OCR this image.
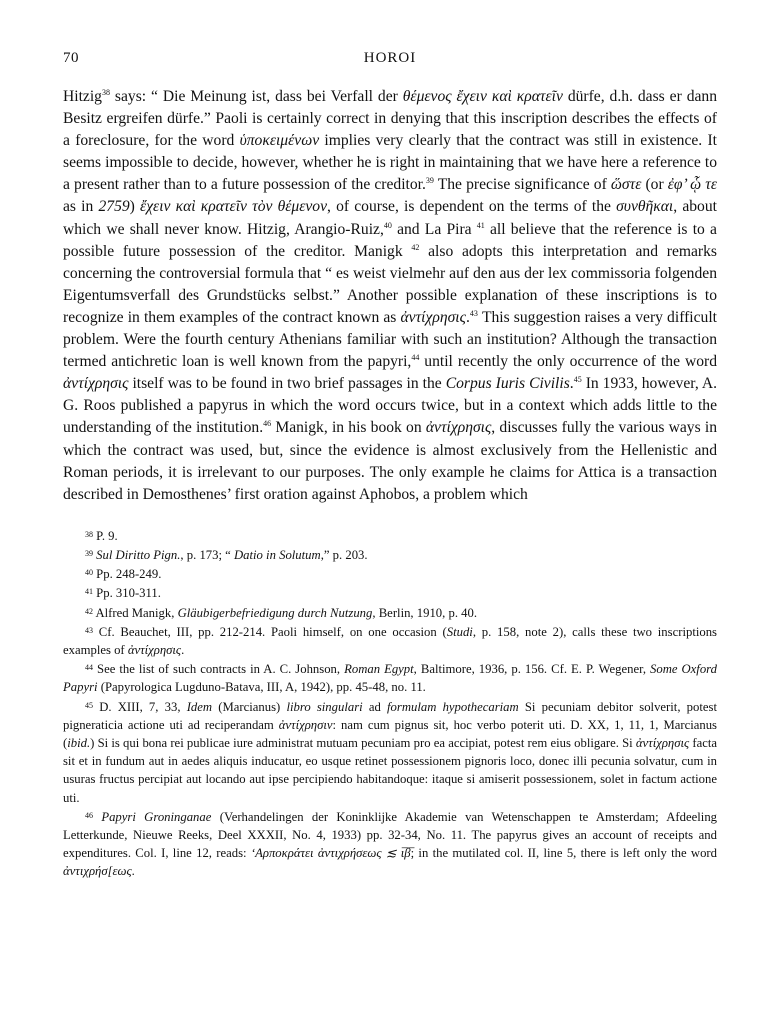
70	HOROI

Hitzig$^{38}$ says: “ Die Meinung ist, dass bei Verfall der θέμενος ἔχειν καὶ κρατεῖν dürfe, d.h. dass er dann Besitz ergreifen dürfe.” Paoli is certainly correct in denying that this inscription describes the effects of a foreclosure, for the word ὑποκειμένων implies very clearly that the contract was still in existence. It seems impossible to decide, however, whether he is right in maintaining that we have here a reference to a present rather than to a future possession of the creditor.$^{39}$ The precise significance of ὥστε (or ἐφ’ ᾧ τε as in 2759) ἔχειν καὶ κρατεῖν τὸν θέμενον, of course, is dependent on the terms of the συνθῆκαι, about which we shall never know. Hitzig, Arangio-Ruiz,$^{40}$ and La Pira $^{41}$ all believe that the reference is to a possible future possession of the creditor. Manigk $^{42}$ also adopts this interpretation and remarks concerning the controversial formula that “ es weist vielmehr auf den aus der lex commissoria folgenden Eigentumsverfall des Grundstücks selbst.” Another possible explanation of these inscriptions is to recognize in them examples of the contract known as ἀντίχρησις.$^{43}$ This suggestion raises a very difficult problem. Were the fourth century Athenians familiar with such an institution? Although the transaction termed antichretic loan is well known from the papyri,$^{44}$ until recently the only occurrence of the word ἀντίχρησις itself was to be found in two brief passages in the Corpus Iuris Civilis.$^{45}$ In 1933, however, A. G. Roos published a papyrus in which the word occurs twice, but in a context which adds little to the understanding of the institution.$^{46}$ Manigk, in his book on ἀντίχρησις, discusses fully the various ways in which the contract was used, but, since the evidence is almost exclusively from the Hellenistic and Roman periods, it is irrelevant to our purposes. The only example he claims for Attica is a transaction described in Demosthenes’ first oration against Aphobos, a problem which

$^{38}$ P. 9.

$^{39}$ Sul Diritto Pign., p. 173; “ Datio in Solutum,” p. 203.

$^{40}$ Pp. 248-249.

$^{41}$ Pp. 310-311.

$^{42}$ Alfred Manigk, Gläubigerbefriedigung durch Nutzung, Berlin, 1910, p. 40.

$^{43}$ Cf. Beauchet, III, pp. 212-214. Paoli himself, on one occasion (Studi, p. 158, note 2), calls these two inscriptions examples of ἀντίχρησις.

$^{44}$ See the list of such contracts in A. C. Johnson, Roman Egypt, Baltimore, 1936, p. 156. Cf. E. P. Wegener, Some Oxford Papyri (Papyrologica Lugduno-Batava, III, A, 1942), pp. 45-48, no. 11.

$^{45}$ D. XIII, 7, 33, Idem (Marcianus) libro singulari ad formulam hypothecariam Si pecuniam debitor solverit, potest pigneraticia actione uti ad reciperandam ἀντίχρησιν: nam cum pignus sit, hoc verbo poterit uti. D. XX, 1, 11, 1, Marcianus (ibid.) Si is qui bona rei publicae iure administrat mutuam pecuniam pro ea accipiat, potest rem eius obligare. Si ἀντίχρησις facta sit et in fundum aut in aedes aliquis inducatur, eo usque retinet possessionem pignoris loco, donec illi pecunia solvatur, cum in usuras fructus percipiat aut locando aut ipse percipiendo habitandoque: itaque si amiserit possessionem, solet in factum actione uti.

$^{46}$ Papyri Groninganae (Verhandelingen der Koninklijke Akademie van Wetenschappen te Amsterdam; Afdeeling Letterkunde, Nieuwe Reeks, Deel XXXII, No. 4, 1933) pp. 32-34, No. 11. The papyrus gives an account of receipts and expenditures. Col. I, line 12, reads: ‘Αρποκράτει ἀντιχρήσεως ≲ ι̅β̅; in the mutilated col. II, line 5, there is left only the word ἀντιχρήσ[εως.
